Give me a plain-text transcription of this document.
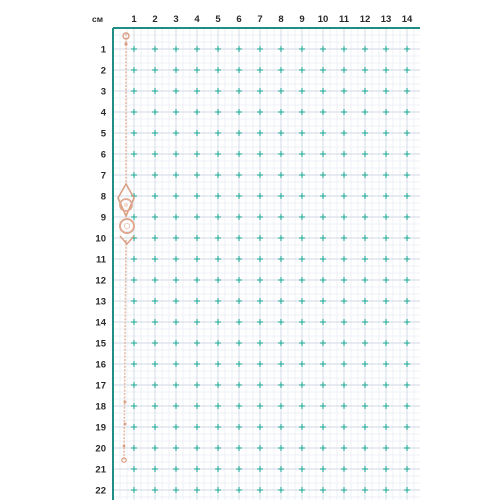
см	1 2 3 4 5 6 7 8 9 10 11 12 13 14
1
2
3
4
5
6
7
8
9
10
11
12
13
14
15
16
17
18
19
20
21
22
